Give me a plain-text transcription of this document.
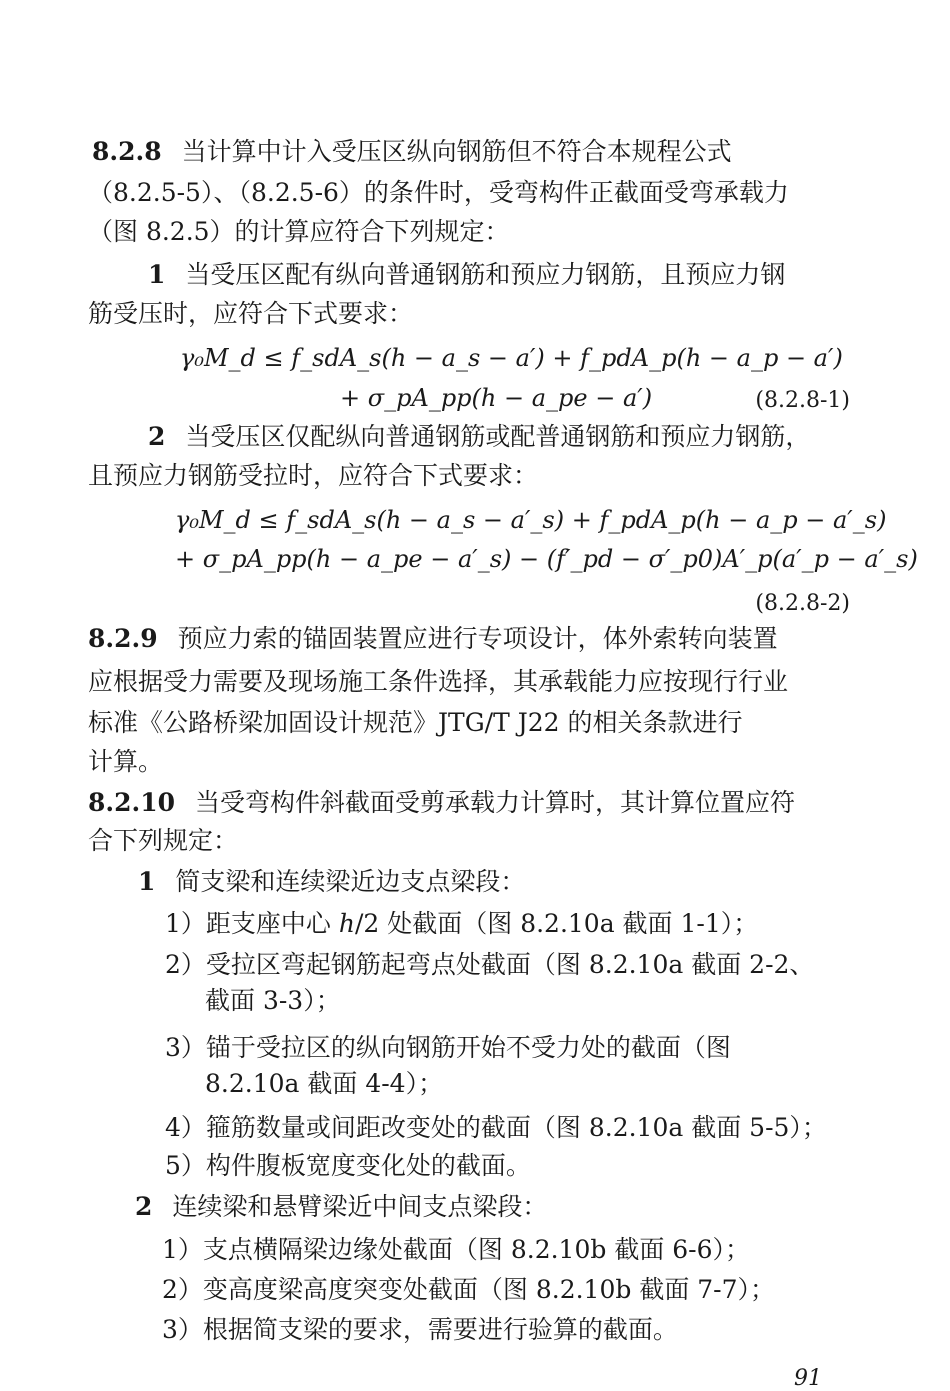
8.2.8 当计算中计入受压区纵向钢筋但不符合本规程公式
（8.2.5-5）、（8.2.5-6）的条件时，受弯构件正截面受弯承载力
（图 8.2.5）的计算应符合下列规定：
1 当受压区配有纵向普通钢筋和预应力钢筋，且预应力钢
筋受压时，应符合下式要求：
γ₀M_d ≤ f_sdA_s(h − a_s − a′) + f_pdA_p(h − a_p − a′)
+ σ_pA_pp(h − a_pe − a′)	(8.2.8-1)
2 当受压区仅配纵向普通钢筋或配普通钢筋和预应力钢筋，
且预应力钢筋受拉时，应符合下式要求：
γ₀M_d ≤ f_sdA_s(h − a_s − a′_s) + f_pdA_p(h − a_p − a′_s)
+ σ_pA_pp(h − a_pe − a′_s) − (f′_pd − σ′_p0)A′_p(a′_p − a′_s)
(8.2.8-2)
8.2.9 预应力索的锚固装置应进行专项设计，体外索转向装置
应根据受力需要及现场施工条件选择，其承载能力应按现行行业
标准《公路桥梁加固设计规范》JTG/T J22 的相关条款进行
计算。
8.2.10 当受弯构件斜截面受剪承载力计算时，其计算位置应符
合下列规定：
1 简支梁和连续梁近边支点梁段：
1）距支座中心 h/2 处截面（图 8.2.10a 截面 1-1）；
2）受拉区弯起钢筋起弯点处截面（图 8.2.10a 截面 2-2、
截面 3-3）；
3）锚于受拉区的纵向钢筋开始不受力处的截面（图
8.2.10a 截面 4-4）；
4）箍筋数量或间距改变处的截面（图 8.2.10a 截面 5-5）；
5）构件腹板宽度变化处的截面。
2 连续梁和悬臂梁近中间支点梁段：
1）支点横隔梁边缘处截面（图 8.2.10b 截面 6-6）；
2）变高度梁高度突变处截面（图 8.2.10b 截面 7-7）；
3）根据简支梁的要求，需要进行验算的截面。
91
